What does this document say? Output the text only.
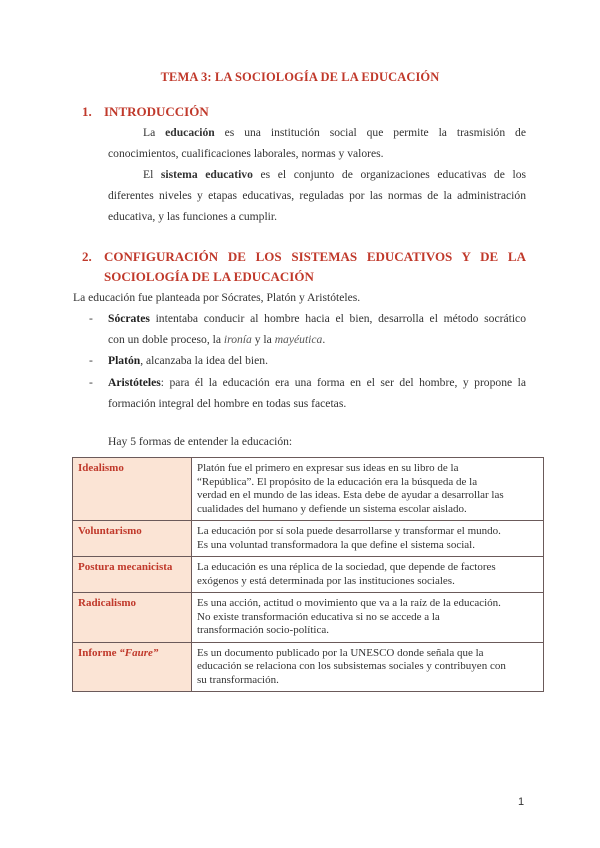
TEMA 3: LA SOCIOLOGÍA DE LA EDUCACIÓN
1. INTRODUCCIÓN
La educación es una institución social que permite la trasmisión de
conocimientos, cualificaciones laborales, normas y valores.
El sistema educativo es el conjunto de organizaciones educativas de los
diferentes niveles y etapas educativas, reguladas por las normas de la administración
educativa, y las funciones a cumplir.
2. CONFIGURACIÓN DE LOS SISTEMAS EDUCATIVOS Y DE LA
SOCIOLOGÍA DE LA EDUCACIÓN
La educación fue planteada por Sócrates, Platón y Aristóteles.
- Sócrates intentaba conducir al hombre hacia el bien, desarrolla el método socrático
con un doble proceso, la ironía y la mayéutica.
- Platón, alcanzaba la idea del bien.
- Aristóteles: para él la educación era una forma en el ser del hombre, y propone la
formación integral del hombre en todas sus facetas.
Hay 5 formas de entender la educación:
Idealismo	Platón fue el primero en expresar sus ideas en su libro de la
“República”. El propósito de la educación era la búsqueda de la
verdad en el mundo de las ideas. Esta debe de ayudar a desarrollar las
cualidades del humano y defiende un sistema escolar aislado.

Voluntarismo	La educación por sí sola puede desarrollarse y transformar el mundo.
Es una voluntad transformadora la que define el sistema social.

Postura mecanicista	La educación es una réplica de la sociedad, que depende de factores
exógenos y está determinada por las instituciones sociales.

Radicalismo	Es una acción, actitud o movimiento que va a la raíz de la educación.
No existe transformación educativa si no se accede a la
transformación socio-política.

Informe “Faure”	Es un documento publicado por la UNESCO donde señala que la
educación se relaciona con los subsistemas sociales y contribuyen con
su transformación.
1
